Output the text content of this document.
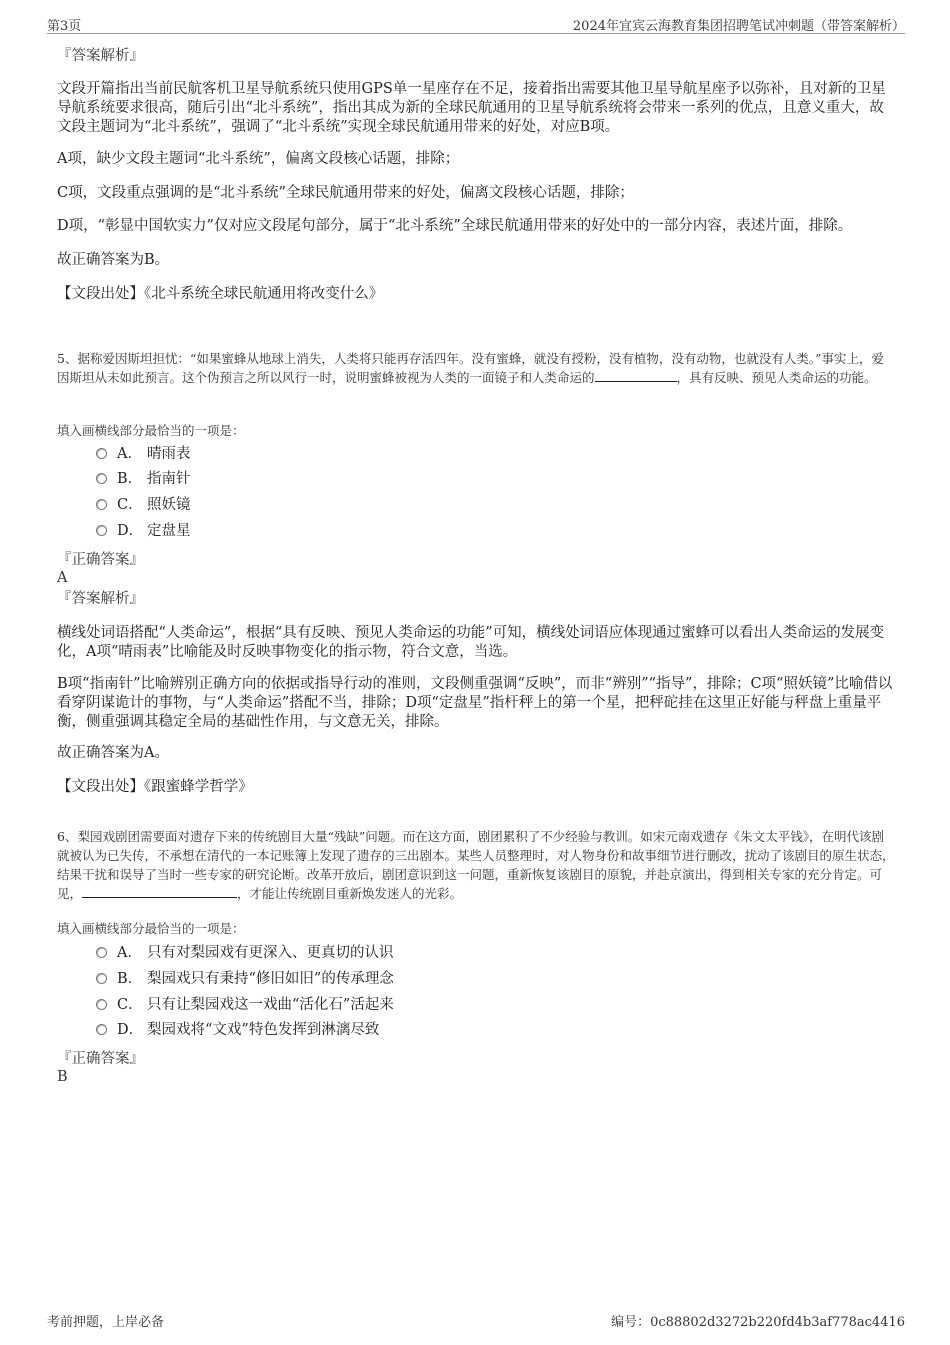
第3页	2024年宜宾云海教育集团招聘笔试冲刺题（带答案解析）
『答案解析』

文段开篇指出当前民航客机卫星导航系统只使用GPS单一星座存在不足，接着指出需要其他卫星导航星座予以弥补，且对新的卫星导航系统要求很高，随后引出“北斗系统”，指出其成为新的全球民航通用的卫星导航系统将会带来一系列的优点，且意义重大，故文段主题词为“北斗系统”，强调了“北斗系统”实现全球民航通用带来的好处，对应B项。

A项，缺少文段主题词“北斗系统”，偏离文段核心话题，排除；

C项，文段重点强调的是“北斗系统”全球民航通用带来的好处，偏离文段核心话题，排除；

D项，“彰显中国软实力”仅对应文段尾句部分，属于“北斗系统”全球民航通用带来的好处中的一部分内容，表述片面，排除。

故正确答案为B。

【文段出处】《北斗系统全球民航通用将改变什么》

5、据称爱因斯坦担忧：“如果蜜蜂从地球上消失，人类将只能再存活四年。没有蜜蜂，就没有授粉，没有植物，没有动物，也就没有人类。”事实上，爱因斯坦从未如此预言。这个伪预言之所以风行一时，说明蜜蜂被视为人类的一面镜子和人类命运的	，具有反映、预见人类命运的功能。

填入画横线部分最恰当的一项是：

A． 晴雨表
B． 指南针
C． 照妖镜
D． 定盘星
『正确答案』
A
『答案解析』

横线处词语搭配“人类命运”，根据“具有反映、预见人类命运的功能”可知，横线处词语应体现通过蜜蜂可以看出人类命运的发展变化，A项“晴雨表”比喻能及时反映事物变化的指示物，符合文意，当选。

B项“指南针”比喻辨别正确方向的依据或指导行动的准则，文段侧重强调“反映”，而非“辨别”“指导”，排除；C项“照妖镜”比喻借以看穿阴谋诡计的事物，与“人类命运”搭配不当，排除；D项“定盘星”指杆秤上的第一个星，把秤砣挂在这里正好能与秤盘上重量平衡，侧重强调其稳定全局的基础性作用，与文意无关，排除。

故正确答案为A。

【文段出处】《跟蜜蜂学哲学》

6、梨园戏剧团需要面对遗存下来的传统剧目大量“残缺”问题。而在这方面，剧团累积了不少经验与教训。如宋元南戏遗存《朱文太平钱》，在明代该剧就被认为已失传，不承想在清代的一本记账簿上发现了遗存的三出剧本。某些人员整理时，对人物身份和故事细节进行删改，扰动了该剧目的原生状态，结果干扰和误导了当时一些专家的研究论断。改革开放后，剧团意识到这一问题，重新恢复该剧目的原貌，并赴京演出，得到相关专家的充分肯定。可见，	，才能让传统剧目重新焕发迷人的光彩。

填入画横线部分最恰当的一项是：

A． 只有对梨园戏有更深入、更真切的认识
B． 梨园戏只有秉持“修旧如旧”的传承理念
C． 只有让梨园戏这一戏曲“活化石”活起来
D． 梨园戏将“文戏”特色发挥到淋漓尽致
『正确答案』
B
考前押题，上岸必备	编号：0c88802d3272b220fd4b3af778ac4416
